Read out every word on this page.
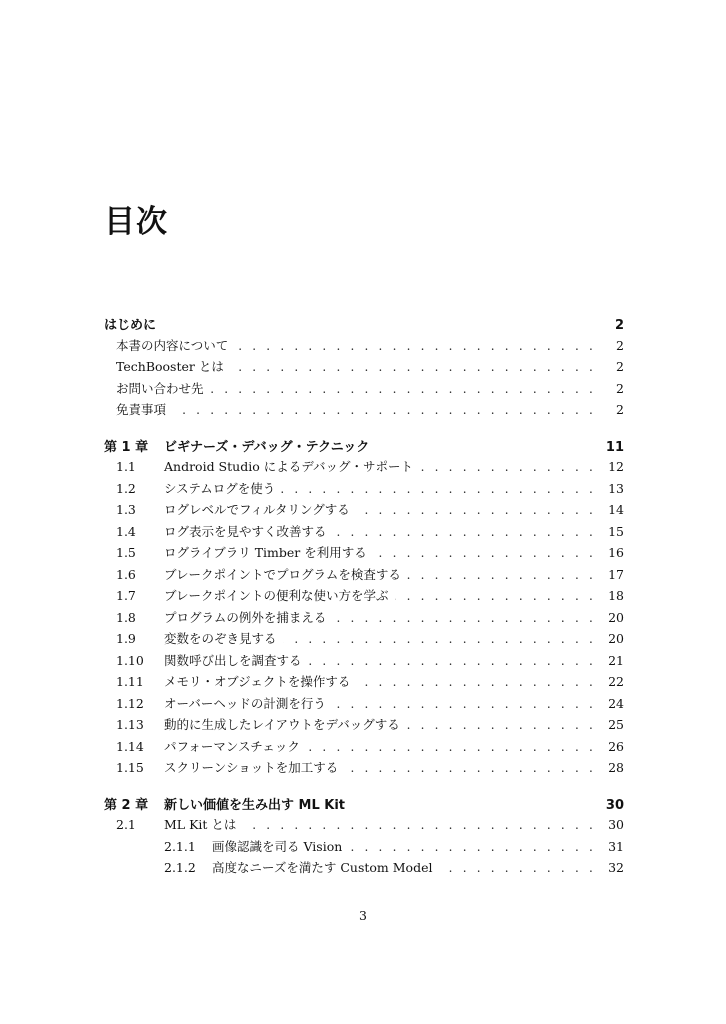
目次
はじめに	2
本書の内容について . . .	2
TechBooster とは . . .	2
お問い合わせ先 . . .	2
免責事項 . . .	2
第 1 章	ビギナーズ・デバッグ・テクニック	11
1.1	Android Studio によるデバッグ・サポート . . .	12
1.2	システムログを使う . . .	13
1.3	ログレベルでフィルタリングする . . .	14
1.4	ログ表示を見やすく改善する . . .	15
1.5	ログライブラリ Timber を利用する . . .	16
1.6	ブレークポイントでプログラムを検査する . . .	17
1.7	ブレークポイントの便利な使い方を学ぶ . . .	18
1.8	プログラムの例外を捕まえる . . .	20
1.9	変数をのぞき見する . . .	20
1.10	関数呼び出しを調査する . . .	21
1.11	メモリ・オブジェクトを操作する . . .	22
1.12	オーバーヘッドの計測を行う . . .	24
1.13	動的に生成したレイアウトをデバッグする . . .	25
1.14	パフォーマンスチェック . . .	26
1.15	スクリーンショットを加工する . . .	28
第 2 章	新しい価値を生み出す ML Kit	30
2.1	ML Kit とは . . .	30
2.1.1	画像認識を司る Vision . . .	31
2.1.2	高度なニーズを満たす Custom Model . . .	32
3
